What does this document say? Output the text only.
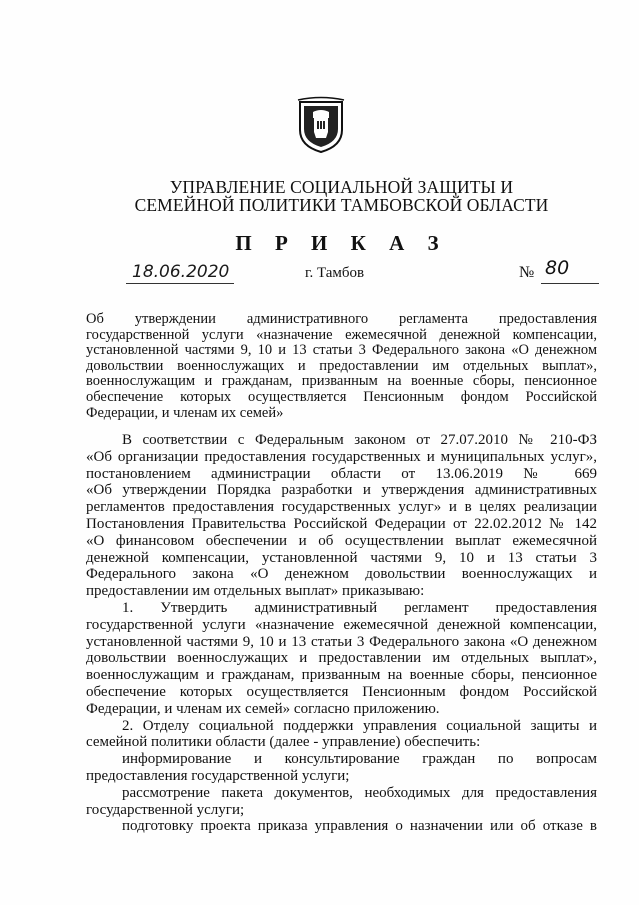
УПРАВЛЕНИЕ СОЦИАЛЬНОЙ ЗАЩИТЫ И
СЕМЕЙНОЙ ПОЛИТИКИ ТАМБОВСКОЙ ОБЛАСТИ
П Р И К А З
18.06.2020	г. Тамбов	№ 80
Об утверждении административного регламента предоставления
государственной услуги «назначение ежемесячной денежной компенсации,
установленной частями 9, 10 и 13 статьи 3 Федерального закона «О денежном
довольствии военнослужащих и предоставлении им отдельных выплат»,
военнослужащим и гражданам, призванным на военные сборы, пенсионное
обеспечение которых осуществляется Пенсионным фондом Российской
Федерации, и членам их семей»
В соответствии с Федеральным законом от 27.07.2010 № 210-ФЗ
«Об организации предоставления государственных и муниципальных услуг»,
постановлением администрации области от 13.06.2019 № 669
«Об утверждении Порядка разработки и утверждения административных
регламентов предоставления государственных услуг» и в целях реализации
Постановления Правительства Российской Федерации от 22.02.2012 № 142
«О финансовом обеспечении и об осуществлении выплат ежемесячной
денежной компенсации, установленной частями 9, 10 и 13 статьи 3
Федерального закона «О денежном довольствии военнослужащих и
предоставлении им отдельных выплат» приказываю:
1. Утвердить административный регламент предоставления
государственной услуги «назначение ежемесячной денежной компенсации,
установленной частями 9, 10 и 13 статьи 3 Федерального закона «О денежном
довольствии военнослужащих и предоставлении им отдельных выплат»,
военнослужащим и гражданам, призванным на военные сборы, пенсионное
обеспечение которых осуществляется Пенсионным фондом Российской
Федерации, и членам их семей» согласно приложению.
2. Отделу социальной поддержки управления социальной защиты и
семейной политики области (далее - управление) обеспечить:
информирование и консультирование граждан по вопросам
предоставления государственной услуги;
рассмотрение пакета документов, необходимых для предоставления
государственной услуги;
подготовку проекта приказа управления о назначении или об отказе в
